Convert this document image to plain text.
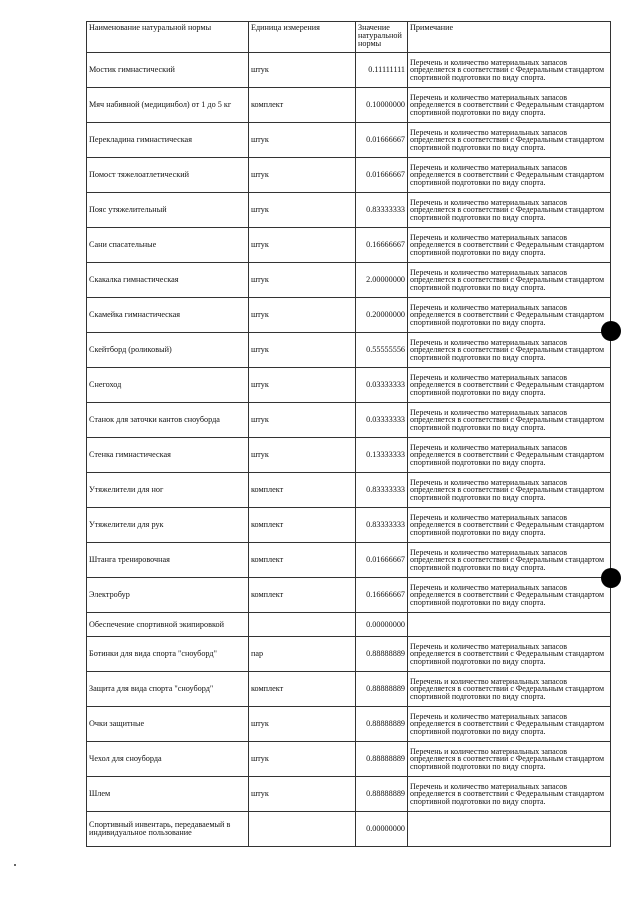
Наименование натуральной нормы	Единица измерения	Значение натуральной нормы	Примечание
Мостик гимнастический	штук	0.11111111	Перечень и количество материальных запасов определяется в соответствии с Федеральным стандартом спортивной подготовки по виду спорта.
Мяч набивной (медицинбол) от 1 до 5 кг	комплект	0.10000000	Перечень и количество материальных запасов определяется в соответствии с Федеральным стандартом спортивной подготовки по виду спорта.
Перекладина гимнастическая	штук	0.01666667	Перечень и количество материальных запасов определяется в соответствии с Федеральным стандартом спортивной подготовки по виду спорта.
Помост тяжелоатлетический	штук	0.01666667	Перечень и количество материальных запасов определяется в соответствии с Федеральным стандартом спортивной подготовки по виду спорта.
Пояс утяжелительный	штук	0.83333333	Перечень и количество материальных запасов определяется в соответствии с Федеральным стандартом спортивной подготовки по виду спорта.
Сани спасательные	штук	0.16666667	Перечень и количество материальных запасов определяется в соответствии с Федеральным стандартом спортивной подготовки по виду спорта.
Скакалка гимнастическая	штук	2.00000000	Перечень и количество материальных запасов определяется в соответствии с Федеральным стандартом спортивной подготовки по виду спорта.
Скамейка гимнастическая	штук	0.20000000	Перечень и количество материальных запасов определяется в соответствии с Федеральным стандартом спортивной подготовки по виду спорта.
Скейтборд (роликовый)	штук	0.55555556	Перечень и количество материальных запасов определяется в соответствии с Федеральным стандартом спортивной подготовки по виду спорта.
Снегоход	штук	0.03333333	Перечень и количество материальных запасов определяется в соответствии с Федеральным стандартом спортивной подготовки по виду спорта.
Станок для заточки кантов сноуборда	штук	0.03333333	Перечень и количество материальных запасов определяется в соответствии с Федеральным стандартом спортивной подготовки по виду спорта.
Стенка гимнастическая	штук	0.13333333	Перечень и количество материальных запасов определяется в соответствии с Федеральным стандартом спортивной подготовки по виду спорта.
Утяжелители для ног	комплект	0.83333333	Перечень и количество материальных запасов определяется в соответствии с Федеральным стандартом спортивной подготовки по виду спорта.
Утяжелители для рук	комплект	0.83333333	Перечень и количество материальных запасов определяется в соответствии с Федеральным стандартом спортивной подготовки по виду спорта.
Штанга тренировочная	комплект	0.01666667	Перечень и количество материальных запасов определяется в соответствии с Федеральным стандартом спортивной подготовки по виду спорта.
Электробур	комплект	0.16666667	Перечень и количество материальных запасов определяется в соответствии с Федеральным стандартом спортивной подготовки по виду спорта.
Обеспечение спортивной экипировкой		0.00000000	
Ботинки для вида спорта "сноуборд"	пар	0.88888889	Перечень и количество материальных запасов определяется в соответствии с Федеральным стандартом спортивной подготовки по виду спорта.
Защита для вида спорта "сноуборд"	комплект	0.88888889	Перечень и количество материальных запасов определяется в соответствии с Федеральным стандартом спортивной подготовки по виду спорта.
Очки защитные	штук	0.88888889	Перечень и количество материальных запасов определяется в соответствии с Федеральным стандартом спортивной подготовки по виду спорта.
Чехол для сноуборда	штук	0.88888889	Перечень и количество материальных запасов определяется в соответствии с Федеральным стандартом спортивной подготовки по виду спорта.
Шлем	штук	0.88888889	Перечень и количество материальных запасов определяется в соответствии с Федеральным стандартом спортивной подготовки по виду спорта.
Спортивный инвентарь, передаваемый в индивидуальное пользование		0.00000000	
